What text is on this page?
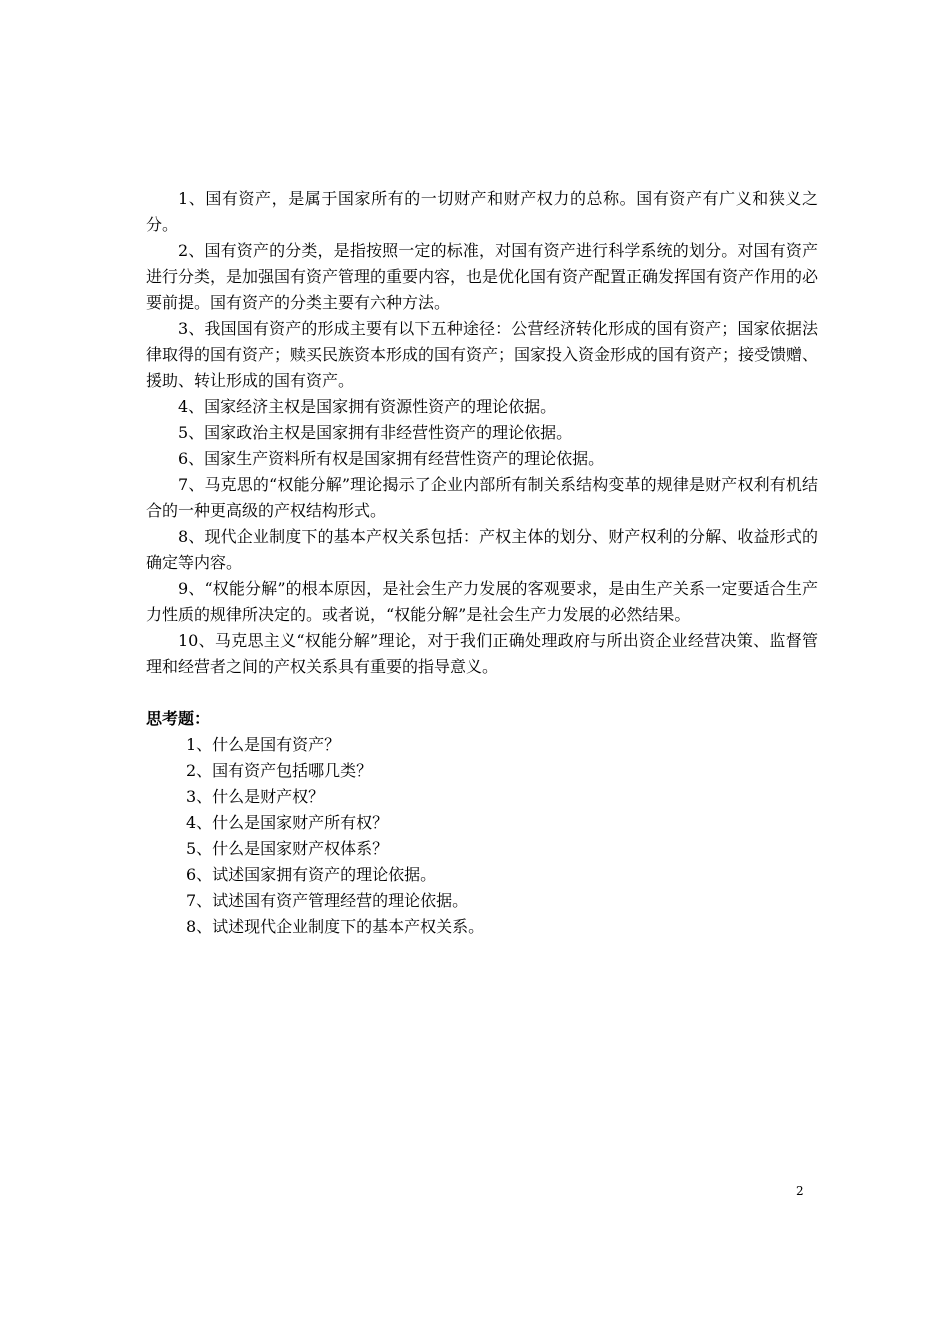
1、国有资产，是属于国家所有的一切财产和财产权力的总称。国有资产有广义和狭义之分。

2、国有资产的分类，是指按照一定的标准，对国有资产进行科学系统的划分。对国有资产进行分类，是加强国有资产管理的重要内容，也是优化国有资产配置正确发挥国有资产作用的必要前提。国有资产的分类主要有六种方法。

3、我国国有资产的形成主要有以下五种途径：公营经济转化形成的国有资产；国家依据法律取得的国有资产；赎买民族资本形成的国有资产；国家投入资金形成的国有资产；接受馈赠、援助、转让形成的国有资产。

4、国家经济主权是国家拥有资源性资产的理论依据。

5、国家政治主权是国家拥有非经营性资产的理论依据。

6、国家生产资料所有权是国家拥有经营性资产的理论依据。

7、马克思的“权能分解”理论揭示了企业内部所有制关系结构变革的规律是财产权利有机结合的一种更高级的产权结构形式。

8、现代企业制度下的基本产权关系包括：产权主体的划分、财产权利的分解、收益形式的确定等内容。

9、“权能分解”的根本原因，是社会生产力发展的客观要求，是由生产关系一定要适合生产力性质的规律所决定的。或者说，“权能分解”是社会生产力发展的必然结果。

10、马克思主义“权能分解”理论，对于我们正确处理政府与所出资企业经营决策、监督管理和经营者之间的产权关系具有重要的指导意义。

思考题：
1、什么是国有资产？
2、国有资产包括哪几类？
3、什么是财产权？
4、什么是国家财产所有权？
5、什么是国家财产权体系？
6、试述国家拥有资产的理论依据。
7、试述国有资产管理经营的理论依据。
8、试述现代企业制度下的基本产权关系。
2
